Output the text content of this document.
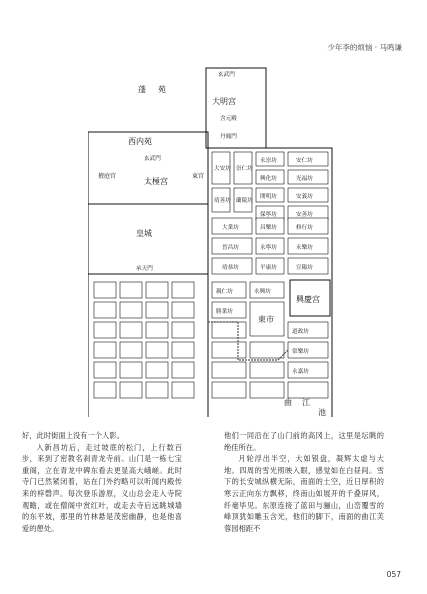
少年李的烦恼 · 马鸣谦
玄武門
蓬 苑
大明宫
含元殿
丹鳳門
西内苑
玄武門
掖庭宫
太極宫
東宫
皇城
承天門
大安坊 崇仁坊
永崇坊
興化坊
安仁坊
光福坊
靖善坊 蘭陵坊
開明坊
保寧坊
安義坊
安善坊
大業坊	昌樂坊	修行坊
晉昌坊	永寧坊	永樂坊
靖恭坊	平康坊	宣陽坊
親仁坊	永興坊
勝業坊
東市
道政坊
常樂坊
永嘉坊
興慶宫
曲 江
池

好，此时街面上没有一个人影。

入新昌坊后，走过坡底的松门，上行数百步，来到了密教名刹青龙寺前。山门是一栋七宝重阁，立在青龙中碑东看去更显高大峨嵯。此时寺门已然紧闭着，站在门外约略可以听闻内殿传来的梓磬声。每次登乐游原，义山总会走入寺院观瞻，或在僧阁中赏红叶，或走去寺后远眺城墙的东平坡，那里的竹林悬是茂密幽静，也是他喜爱的憩处。

他们一同沿在了山门前的高冈上，这里是坛眺的绝佳所在。

月轮浮出半空，大如银盘，凝辉太虚与大地。四周的雪光照映入眼，感觉如在白昼间。雪下的长安城纵横无际，南面的土空，近日厚积的寒云正向东方飘移，终南山如展开的千叠屏风，纤毫毕见。东原连接了蓝田与骊山，山峦覆雪的峰顶犹如雕玉含光，他们的脚下，南面的曲江芙蓉园相距不

057
